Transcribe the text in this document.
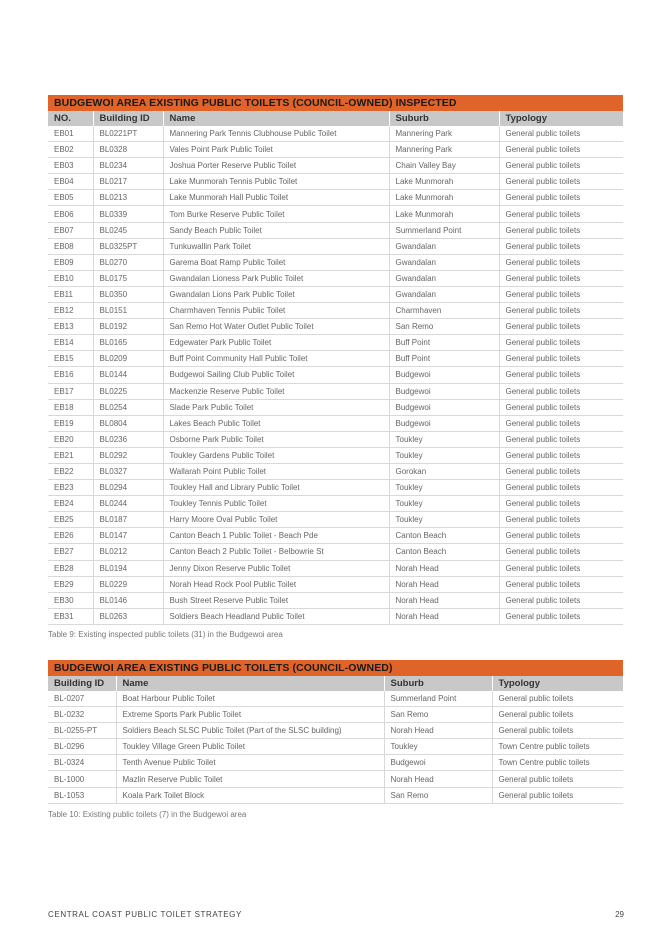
BUDGEWOI AREA EXISTING PUBLIC TOILETS (COUNCIL-OWNED) INSPECTED				
NO.	Building ID	Name	Suburb	Typology
EB01	BL0221PT	Mannering Park Tennis Clubhouse Public Toilet	Mannering Park	General public toilets
EB02	BL0328	Vales Point Park Public Toilet	Mannering Park	General public toilets
EB03	BL0234	Joshua Porter Reserve Public Toilet	Chain Valley Bay	General public toilets
EB04	BL0217	Lake Munmorah Tennis Public Toilet	Lake Munmorah	General public toilets
EB05	BL0213	Lake Munmorah Hall Public Toilet	Lake Munmorah	General public toilets
EB06	BL0339	Tom Burke Reserve Public Toilet	Lake Munmorah	General public toilets
EB07	BL0245	Sandy Beach Public Toilet	Summerland Point	General public toilets
EB08	BL0325PT	Tunkuwallin Park Toilet	Gwandalan	General public toilets
EB09	BL0270	Garema Boat Ramp Public Toilet	Gwandalan	General public toilets
EB10	BL0175	Gwandalan Lioness Park Public Toilet	Gwandalan	General public toilets
EB11	BL0350	Gwandalan Lions Park Public Toilet	Gwandalan	General public toilets
EB12	BL0151	Charmhaven Tennis Public Toilet	Charmhaven	General public toilets
EB13	BL0192	San Remo Hot Water Outlet Public Toilet	San Remo	General public toilets
EB14	BL0165	Edgewater Park Public Toilet	Buff Point	General public toilets
EB15	BL0209	Buff Point Community Hall Public Toilet	Buff Point	General public toilets
EB16	BL0144	Budgewoi Sailing Club Public Toilet	Budgewoi	General public toilets
EB17	BL0225	Mackenzie Reserve Public Toilet	Budgewoi	General public toilets
EB18	BL0254	Slade Park Public Toilet	Budgewoi	General public toilets
EB19	BL0804	Lakes Beach Public Toilet	Budgewoi	General public toilets
EB20	BL0236	Osborne Park Public Toilet	Toukley	General public toilets
EB21	BL0292	Toukley Gardens Public Toilet	Toukley	General public toilets
EB22	BL0327	Wallarah Point Public Toilet	Gorokan	General public toilets
EB23	BL0294	Toukley Hall and Library Public Toilet	Toukley	General public toilets
EB24	BL0244	Toukley Tennis Public Toilet	Toukley	General public toilets
EB25	BL0187	Harry Moore Oval Public Toilet	Toukley	General public toilets
EB26	BL0147	Canton Beach 1 Public Toilet - Beach Pde	Canton Beach	General public toilets
EB27	BL0212	Canton Beach 2 Public Toilet - Belbowrie St	Canton Beach	General public toilets
EB28	BL0194	Jenny Dixon Reserve Public Toilet	Norah Head	General public toilets
EB29	BL0229	Norah Head Rock Pool Public Toilet	Norah Head	General public toilets
EB30	BL0146	Bush Street Reserve Public Toilet	Norah Head	General public toilets
EB31	BL0263	Soldiers Beach Headland Public Toilet	Norah Head	General public toilets
Table 9: Existing inspected public toilets (31) in the Budgewoi area
BUDGEWOI AREA EXISTING PUBLIC TOILETS (COUNCIL-OWNED)			
Building ID	Name	Suburb	Typology
BL-0207	Boat Harbour Public Toilet	Summerland Point	General public toilets
BL-0232	Extreme Sports Park Public Toilet	San Remo	General public toilets
BL-0255-PT	Soldiers Beach SLSC Public Toilet (Part of the SLSC building)	Norah Head	General public toilets
BL-0296	Toukley Village Green Public Toilet	Toukley	Town Centre public toilets
BL-0324	Tenth Avenue Public Toilet	Budgewoi	Town Centre public toilets
BL-1000	Mazlin Reserve Public Toilet	Norah Head	General public toilets
BL-1053	Koala Park Toilet Block	San Remo	General public toilets
Table 10: Existing public toilets (7) in the Budgewoi area
CENTRAL COAST PUBLIC TOILET STRATEGY	29
